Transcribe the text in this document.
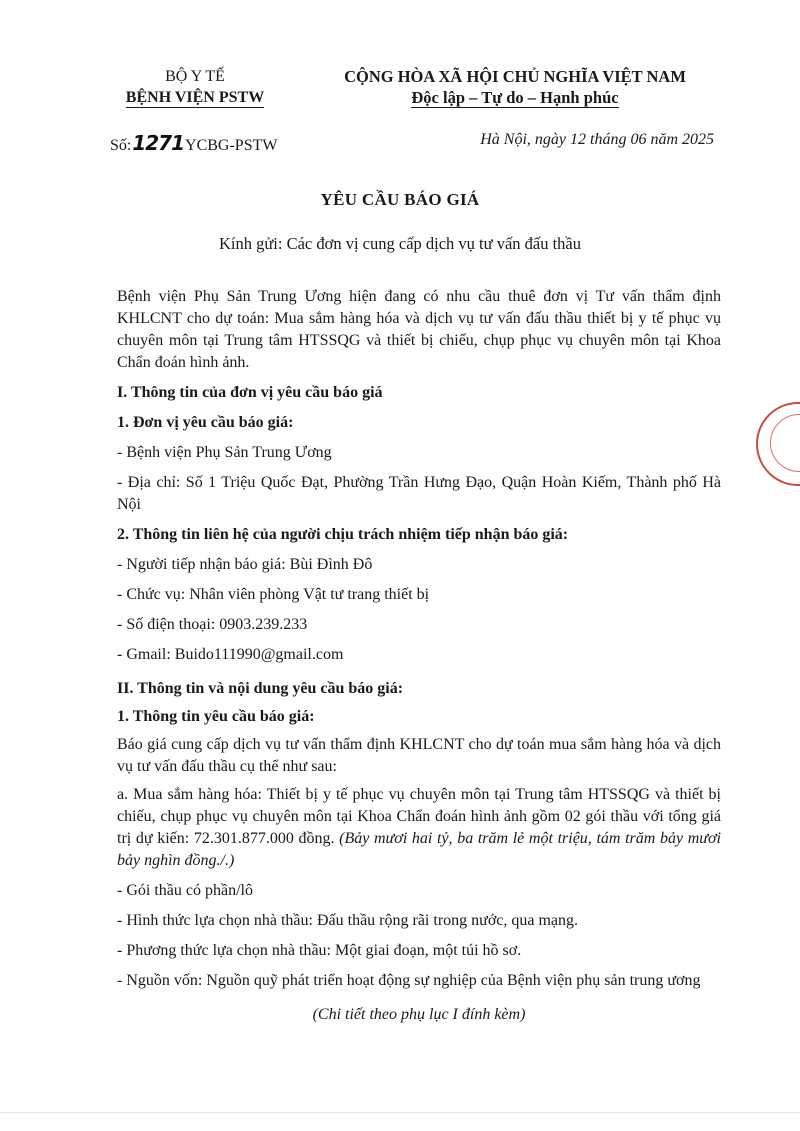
BỘ Y TẾ
BỆNH VIỆN PSTW
CỘNG HÒA XÃ HỘI CHỦ NGHĨA VIỆT NAM
Độc lập – Tự do – Hạnh phúc
Số: 1271 YCBG-PSTW	Hà Nội, ngày 12 tháng 06 năm 2025
YÊU CẦU BÁO GIÁ
Kính gửi: Các đơn vị cung cấp dịch vụ tư vấn đấu thầu

Bệnh viện Phụ Sản Trung Ương hiện đang có nhu cầu thuê đơn vị Tư vấn thẩm định KHLCNT cho dự toán: Mua sắm hàng hóa và dịch vụ tư vấn đấu thầu thiết bị y tế phục vụ chuyên môn tại Trung tâm HTSSQG và thiết bị chiếu, chụp phục vụ chuyên môn tại Khoa Chẩn đoán hình ảnh.

I. Thông tin của đơn vị yêu cầu báo giá

1. Đơn vị yêu cầu báo giá:

- Bệnh viện Phụ Sản Trung Ương

- Địa chỉ: Số 1 Triệu Quốc Đạt, Phường Trần Hưng Đạo, Quận Hoàn Kiếm, Thành phố Hà Nội

2. Thông tin liên hệ của người chịu trách nhiệm tiếp nhận báo giá:

- Người tiếp nhận báo giá: Bùi Đình Đô

- Chức vụ: Nhân viên phòng Vật tư trang thiết bị

- Số điện thoại: 0903.239.233

- Gmail: Buido111990@gmail.com

II. Thông tin và nội dung yêu cầu báo giá:

1. Thông tin yêu cầu báo giá:

Báo giá cung cấp dịch vụ tư vấn thẩm định KHLCNT cho dự toán mua sắm hàng hóa và dịch vụ tư vấn đấu thầu cụ thể như sau:

a. Mua sắm hàng hóa: Thiết bị y tế phục vụ chuyên môn tại Trung tâm HTSSQG và thiết bị chiếu, chụp phục vụ chuyên môn tại Khoa Chẩn đoán hình ảnh gồm 02 gói thầu với tổng giá trị dự kiến: 72.301.877.000 đồng. (Bảy mươi hai tỷ, ba trăm lẻ một triệu, tám trăm bảy mươi bảy nghìn đồng./.)

- Gói thầu có phần/lô

- Hình thức lựa chọn nhà thầu: Đấu thầu rộng rãi trong nước, qua mạng.

- Phương thức lựa chọn nhà thầu: Một giai đoạn, một túi hồ sơ.

- Nguồn vốn: Nguồn quỹ phát triển hoạt động sự nghiệp của Bệnh viện phụ sản trung ương

(Chi tiết theo phụ lục I đính kèm)
